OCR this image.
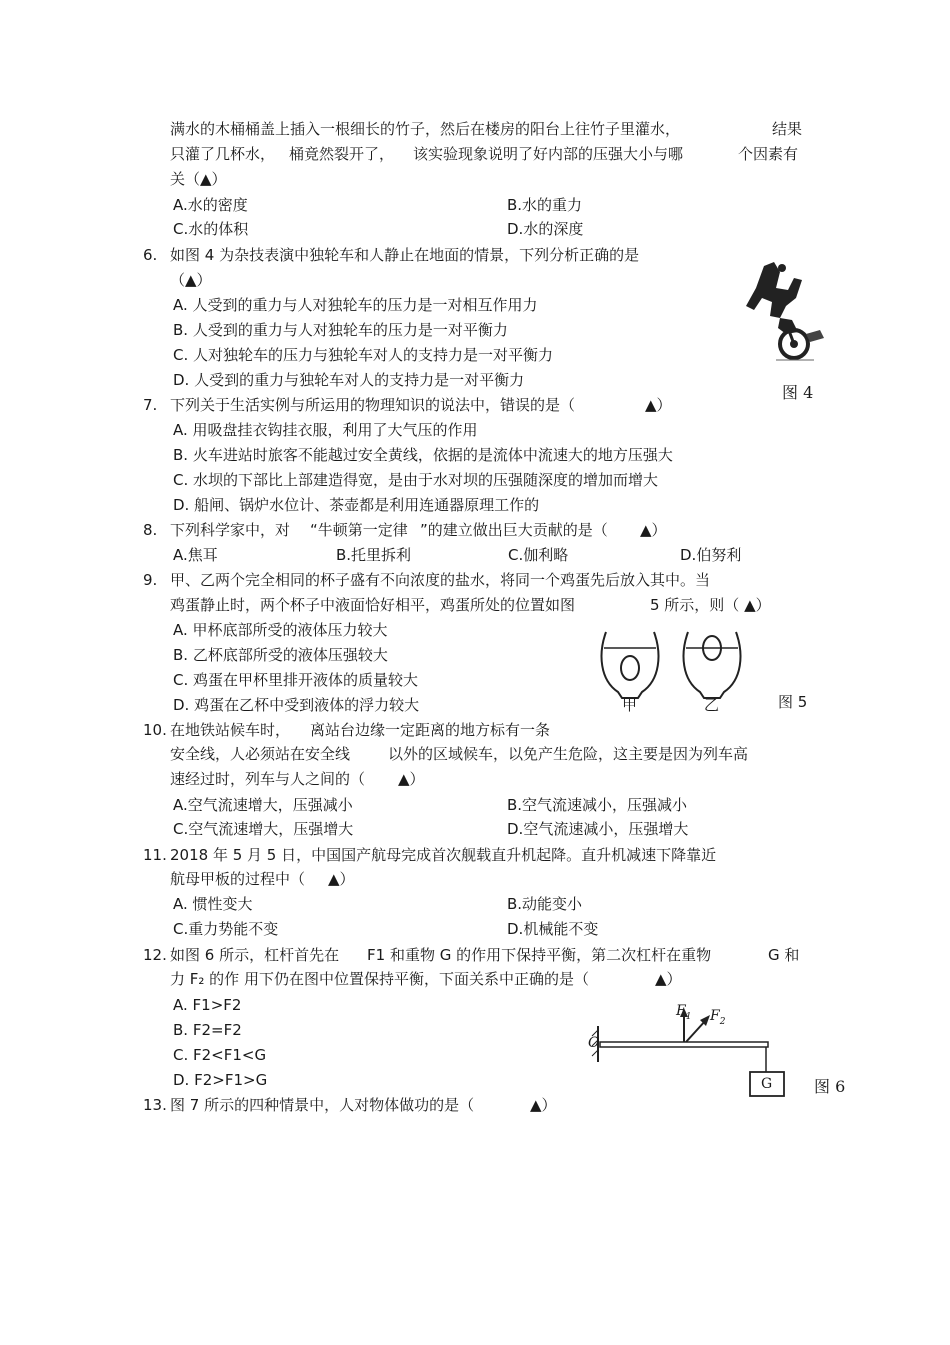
满水的木桶桶盖上插入一根细长的竹子，然后在楼房的阳台上往竹子里灌水，	结果
只灌了几杯水， 桶竟然裂开了， 该实验现象说明了好内部的压强大小与哪	个因素有
关（▲）
A.水的密度	B.水的重力
C.水的体积	D.水的深度
6. 如图 4 为杂技表演中独轮车和人静止在地面的情景，下列分析正确的是
（▲）
A. 人受到的重力与人对独轮车的压力是一对相互作用力
B. 人受到的重力与人对独轮车的压力是一对平衡力
C. 人对独轮车的压力与独轮车对人的支持力是一对平衡力
D. 人受到的重力与独轮车对人的支持力是一对平衡力
图 4
7. 下列关于生活实例与所运用的物理知识的说法中，错误的是（	▲）
A. 用吸盘挂衣钩挂衣服，利用了大气压的作用
B. 火车进站时旅客不能越过安全黄线，依据的是流体中流速大的地方压强大
C. 水坝的下部比上部建造得宽，是由于水对坝的压强随深度的增加而增大
D. 船闸、锅炉水位计、茶壶都是利用连通器原理工作的
8. 下列科学家中，对 “牛顿第一定律 ”的建立做出巨大贡献的是（ ▲）
A.焦耳	B.托里拆利	C.伽利略	D.伯努利
9. 甲、乙两个完全相同的杯子盛有不向浓度的盐水，将同一个鸡蛋先后放入其中。当
鸡蛋静止时，两个杯子中液面恰好相平，鸡蛋所处的位置如图	5 所示，则（ ▲）
A. 甲杯底部所受的液体压力较大
B. 乙杯底部所受的液体压强较大
C. 鸡蛋在甲杯里排开液体的质量较大
D. 鸡蛋在乙杯中受到液体的浮力较大	甲	乙	图 5
10. 在地铁站候车时， 离站台边缘一定距离的地方标有一条
安全线，人必须站在安全线	以外的区域候车，以免产生危险，这主要是因为列车高
速经过时，列车与人之间的（ ▲）
A.空气流速增大，压强减小	B.空气流速减小，压强减小
C.空气流速增大，压强增大	D.空气流速减小，压强增大
11. 2018 年 5 月 5 日，中国国产航母完成首次舰载直升机起降。直升机减速下降靠近
航母甲板的过程中（ ▲）
A. 惯性变大	B.动能变小
C.重力势能不变	D.机械能不变
12. 如图 6 所示，杠杆首先在 F1 和重物 G 的作用下保持平衡，第二次杠杆在重物	G 和
力 F₂ 的作 用下仍在图中位置保持平衡，下面关系中正确的是（	▲）
A. F1>F2
B. F2=F2
C. F2<F1<G
D. F2>F1>G
O
$F_1$ $F_2$
G	图 6
13. 图 7 所示的四种情景中，人对物体做功的是（	▲）
